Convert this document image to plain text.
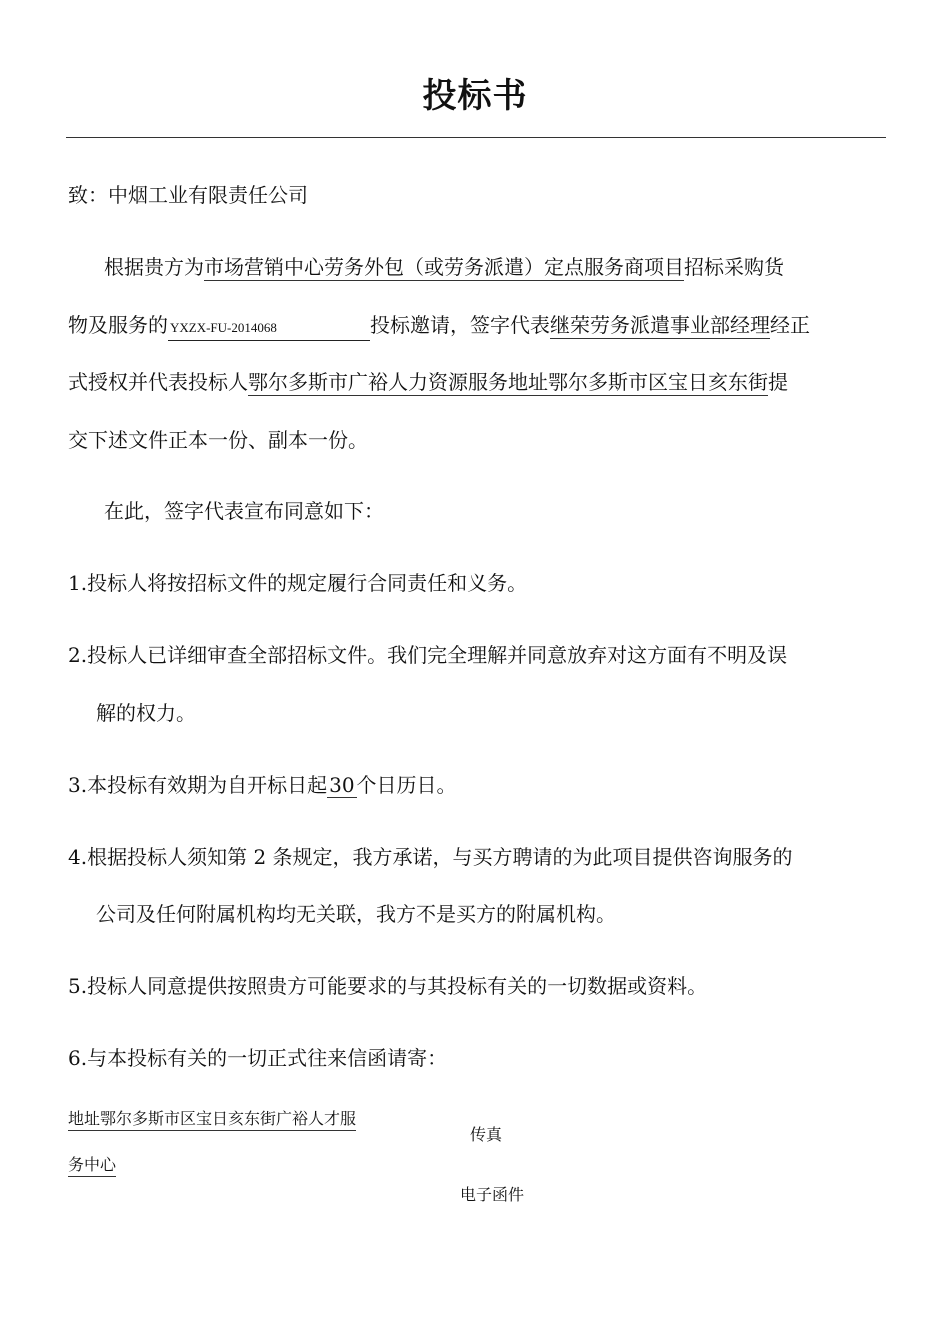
投标书
致：中烟工业有限责任公司
根据贵方为市场营销中心劳务外包（或劳务派遣）定点服务商项目招标采购货
物及服务的 YXZX-FU-2014068	投标邀请，签字代表继荣劳务派遣事业部经理经正
式授权并代表投标人鄂尔多斯市广裕人力资源服务地址鄂尔多斯市区宝日亥东街提
交下述文件正本一份、副本一份。
在此，签字代表宣布同意如下：
1.投标人将按招标文件的规定履行合同责任和义务。
2.投标人已详细审查全部招标文件。我们完全理解并同意放弃对这方面有不明及误
解的权力。
3.本投标有效期为自开标日起 30 个日历日。
4.根据投标人须知第 2 条规定，我方承诺，与买方聘请的为此项目提供咨询服务的
公司及任何附属机构均无关联，我方不是买方的附属机构。
5.投标人同意提供按照贵方可能要求的与其投标有关的一切数据或资料。
6.与本投标有关的一切正式往来信函请寄：
地址鄂尔多斯市区宝日亥东街广裕人才服
务中心
传真
电子函件
